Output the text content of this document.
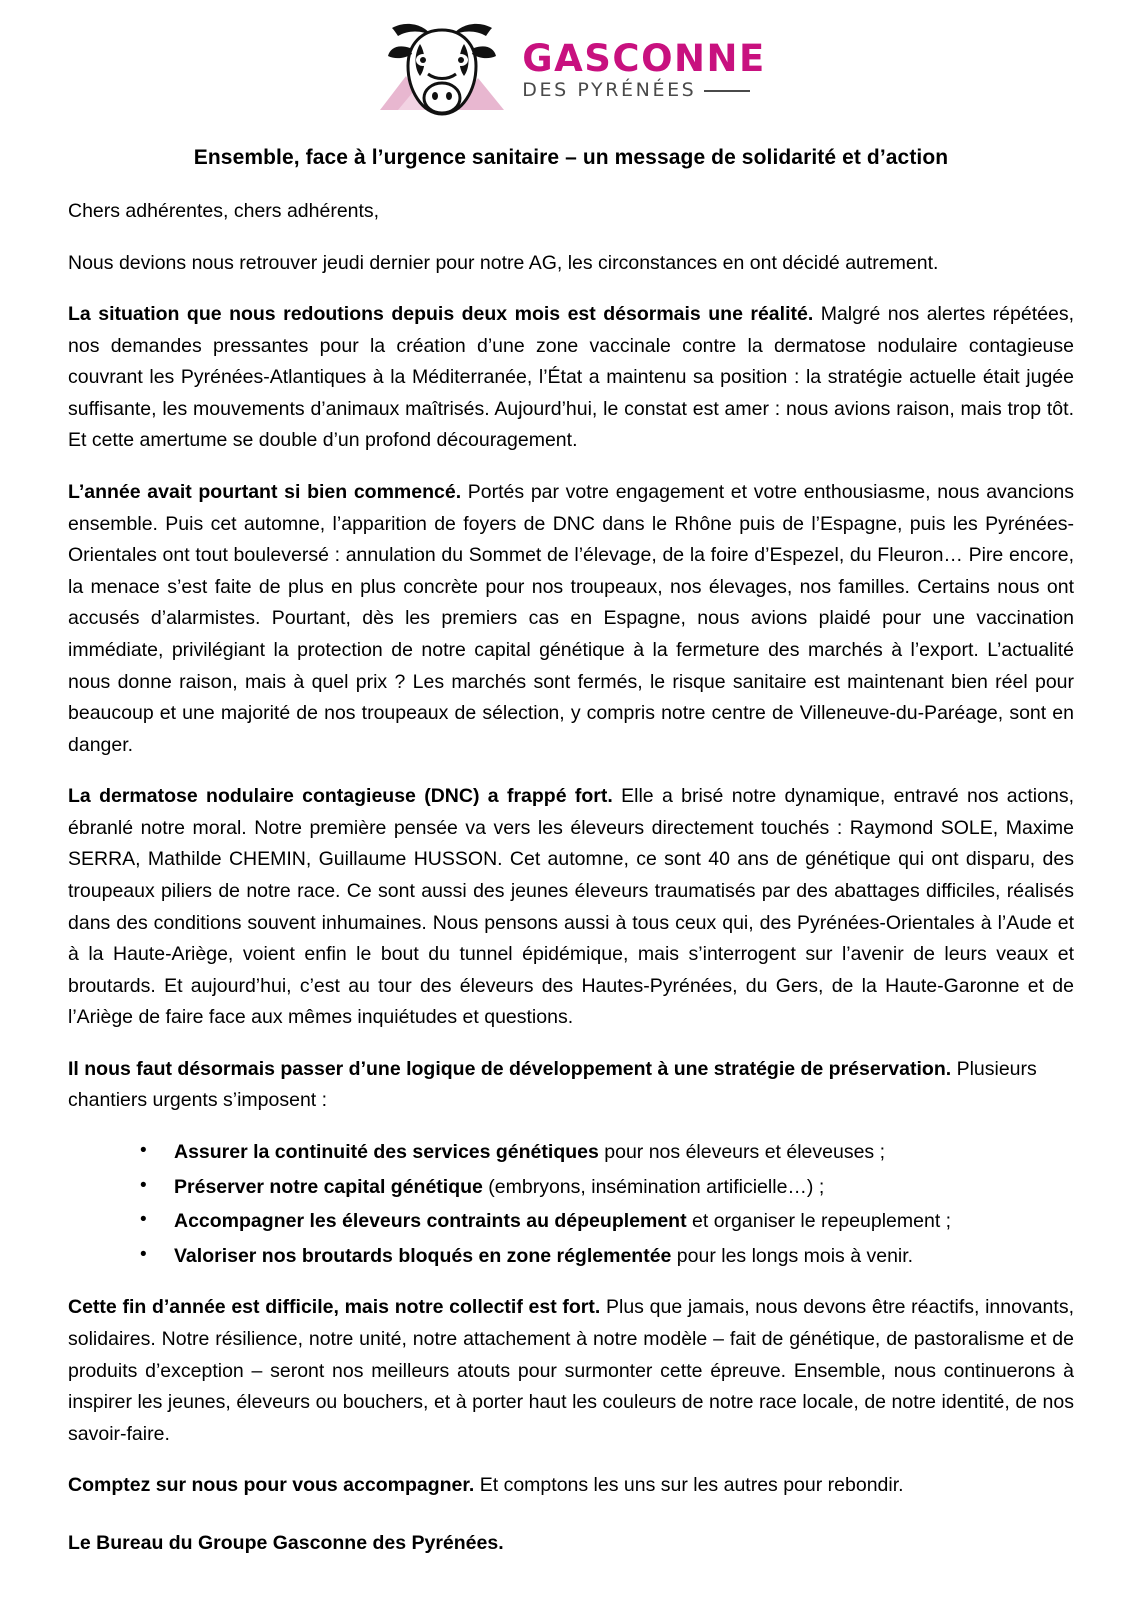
GASCONNE
DES PYRÉNÉES
Ensemble, face à l’urgence sanitaire – un message de solidarité et d’action

Chers adhérentes, chers adhérents,

Nous devions nous retrouver jeudi dernier pour notre AG, les circonstances en ont décidé autrement.

La situation que nous redoutions depuis deux mois est désormais une réalité. Malgré nos alertes répétées, nos demandes pressantes pour la création d’une zone vaccinale contre la dermatose nodulaire contagieuse couvrant les Pyrénées-Atlantiques à la Méditerranée, l’État a maintenu sa position : la stratégie actuelle était jugée suffisante, les mouvements d’animaux maîtrisés. Aujourd’hui, le constat est amer : nous avions raison, mais trop tôt. Et cette amertume se double d’un profond découragement.

L’année avait pourtant si bien commencé. Portés par votre engagement et votre enthousiasme, nous avancions ensemble. Puis cet automne, l’apparition de foyers de DNC dans le Rhône puis de l’Espagne, puis les Pyrénées-Orientales ont tout bouleversé : annulation du Sommet de l’élevage, de la foire d’Espezel, du Fleuron… Pire encore, la menace s’est faite de plus en plus concrète pour nos troupeaux, nos élevages, nos familles. Certains nous ont accusés d’alarmistes. Pourtant, dès les premiers cas en Espagne, nous avions plaidé pour une vaccination immédiate, privilégiant la protection de notre capital génétique à la fermeture des marchés à l’export. L’actualité nous donne raison, mais à quel prix ? Les marchés sont fermés, le risque sanitaire est maintenant bien réel pour beaucoup et une majorité de nos troupeaux de sélection, y compris notre centre de Villeneuve-du-Paréage, sont en danger.

La dermatose nodulaire contagieuse (DNC) a frappé fort. Elle a brisé notre dynamique, entravé nos actions, ébranlé notre moral. Notre première pensée va vers les éleveurs directement touchés : Raymond SOLE, Maxime SERRA, Mathilde CHEMIN, Guillaume HUSSON. Cet automne, ce sont 40 ans de génétique qui ont disparu, des troupeaux piliers de notre race. Ce sont aussi des jeunes éleveurs traumatisés par des abattages difficiles, réalisés dans des conditions souvent inhumaines. Nous pensons aussi à tous ceux qui, des Pyrénées-Orientales à l’Aude et à la Haute-Ariège, voient enfin le bout du tunnel épidémique, mais s’interrogent sur l’avenir de leurs veaux et broutards. Et aujourd’hui, c’est au tour des éleveurs des Hautes-Pyrénées, du Gers, de la Haute-Garonne et de l’Ariège de faire face aux mêmes inquiétudes et questions.

Il nous faut désormais passer d’une logique de développement à une stratégie de préservation. Plusieurs chantiers urgents s’imposent :

• Assurer la continuité des services génétiques pour nos éleveurs et éleveuses ;
• Préserver notre capital génétique (embryons, insémination artificielle…) ;
• Accompagner les éleveurs contraints au dépeuplement et organiser le repeuplement ;
• Valoriser nos broutards bloqués en zone réglementée pour les longs mois à venir.

Cette fin d’année est difficile, mais notre collectif est fort. Plus que jamais, nous devons être réactifs, innovants, solidaires. Notre résilience, notre unité, notre attachement à notre modèle – fait de génétique, de pastoralisme et de produits d’exception – seront nos meilleurs atouts pour surmonter cette épreuve. Ensemble, nous continuerons à inspirer les jeunes, éleveurs ou bouchers, et à porter haut les couleurs de notre race locale, de notre identité, de nos savoir-faire.

Comptez sur nous pour vous accompagner. Et comptons les uns sur les autres pour rebondir.

Le Bureau du Groupe Gasconne des Pyrénées.
